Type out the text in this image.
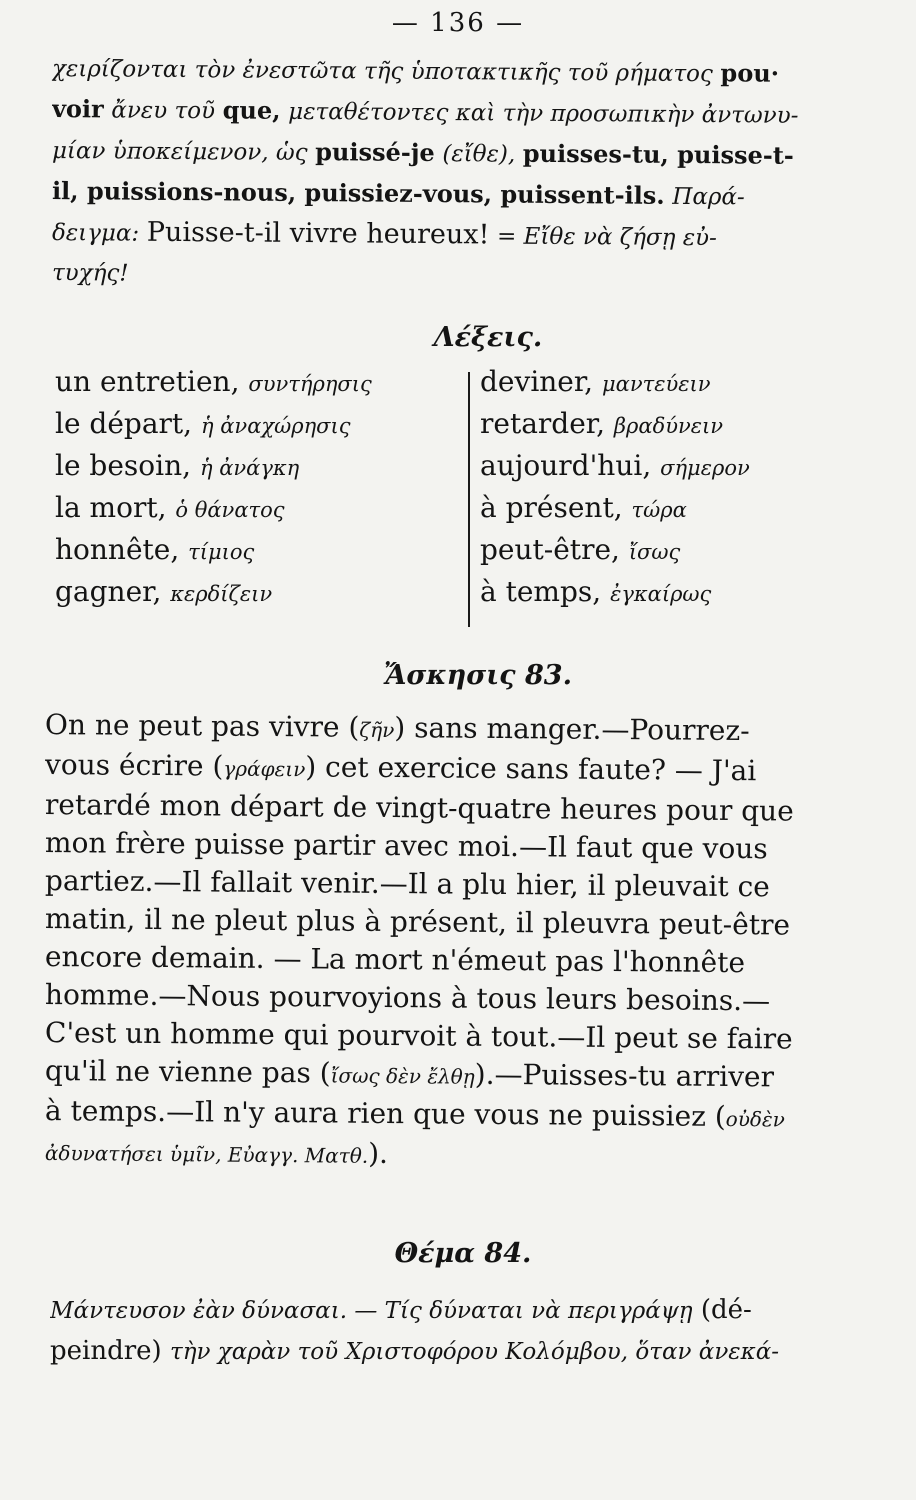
— 136 —
χειρίζονται τὸν ἐνεστῶτα τῆς ὑποτακτικῆς τοῦ ρήματος pou·
voir ἄνευ τοῦ que, μεταθέτοντες καὶ τὴν προσωπικὴν ἀντωνυ-
μίαν ὑποκείμενον, ὡς puissé-je (εἴθε), puisses-tu, puisse-t-
il, puissions-nous, puissiez-vous, puissent-ils. Παρά-
δειγμα: Puisse-t-il vivre heureux! = Εἴθε νὰ ζήσῃ εὐ-
τυχής!
Λέξεις.
un entretien, συντήρησις
le départ, ἡ ἀναχώρησις
le besoin, ἡ ἀνάγκη
la mort, ὁ θάνατος
honnête, τίμιος
gagner, κερδίζειν
deviner, μαντεύειν
retarder, βραδύνειν
aujourd'hui, σήμερον
à présent, τώρα
peut-être, ἴσως
à temps, ἐγκαίρως
Ἄσκησις 83.
On ne peut pas vivre (ζῆν) sans manger.—Pourrez-
vous écrire (γράφειν) cet exercice sans faute? — J'ai
retardé mon départ de vingt-quatre heures pour que
mon frère puisse partir avec moi.—Il faut que vous
partiez.—Il fallait venir.—Il a plu hier, il pleuvait ce
matin, il ne pleut plus à présent, il pleuvra peut-être
encore demain. — La mort n'émeut pas l'honnête
homme.—Nous pourvoyions à tous leurs besoins.—
C'est un homme qui pourvoit à tout.—Il peut se faire
qu'il ne vienne pas (ἴσως δὲν ἔλθῃ).—Puisses-tu arriver
à temps.—Il n'y aura rien que vous ne puissiez (οὐδὲν
ἀδυνατήσει ὑμῖν, Εὐαγγ. Ματθ.).
Θέμα 84.
Μάντευσον ἐὰν δύνασαι. — Τίς δύναται νὰ περιγράψῃ (dé-
peindre) τὴν χαρὰν τοῦ Χριστοφόρου Κολόμβου, ὅταν ἀνεκά-
